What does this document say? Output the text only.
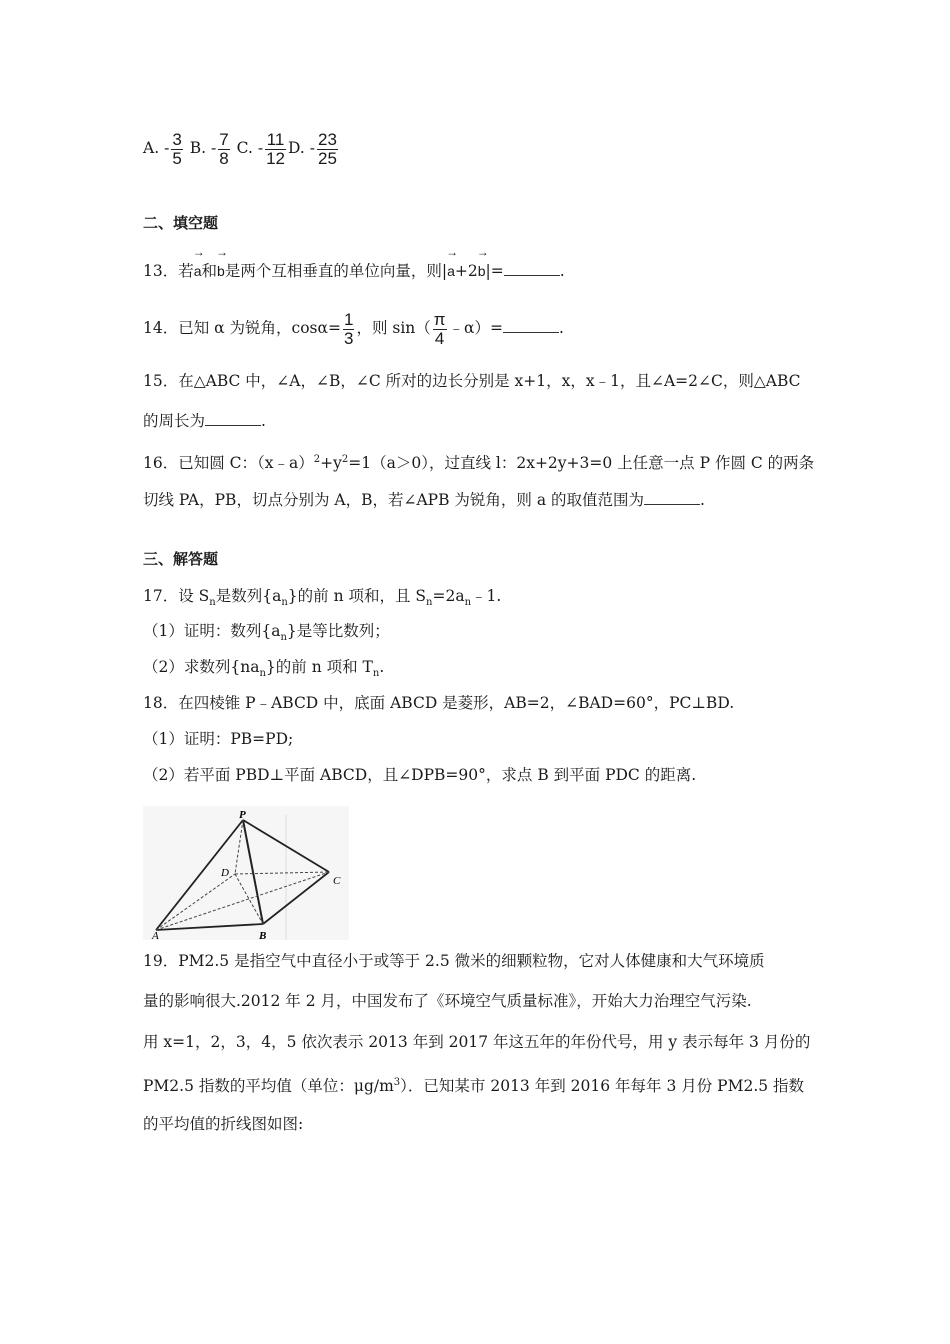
A. - $\frac{3}{5} B$. - $\frac{7}{8} C$. - $\frac{11}{12} D$. - $\frac{23}{25}$
二、填空题
13．若→ a和→ b是两个互相垂直的单位向量，则|→ a+2→ b|=	.
14．已知 α 为锐角，$\cos\alpha= \frac{1}{3}$ ，则 $\sin( \frac{\pi}{4}$ ﹣α）=	.
15．在△ABC 中，∠A，∠B，∠C 所对的边长分别是 x+1，x，x﹣1，且∠A=2∠C，则△ABC
的周长为	.
16．已知圆 C：$(x﹣a)^2+y^2=1(a>0)$，过直线 l：2x+2y+3=0 上任意一点 P 作圆 C 的两条
切线 PA，PB，切点分别为 A，B，若∠APB 为锐角，则 a 的取值范围为	.
三、解答题
17．设 $S_n$是数列$\{a_n\}$的前 n 项和，且 $S_n=2a_n﹣1$.
（1）证明：数列$\{a_n\}$是等比数列；
（2）求数列$\{na_n\}$的前 n 项和 $T_n$.
18．在四棱锥 P﹣ABCD 中，底面 ABCD 是菱形，AB=2，∠BAD=60°，PC⊥BD.
（1）证明：PB=PD;
（2）若平面 PBD⊥平面 ABCD，且∠DPB=90°，求点 B 到平面 PDC 的距离.
P
D
C
A	B
19．PM2.5 是指空气中直径小于或等于 2.5 微米的细颗粒物，它对人体健康和大气环境质
量的影响很大.2012 年 2 月，中国发布了《环境空气质量标准》，开始大力治理空气污染.
用 x=1，2，3，4，5 依次表示 2013 年到 2017 年这五年的年份代号，用 y 表示每年 3 月份的
PM2.5 指数的平均值（单位：$\mu g/m^3$）．已知某市 2013 年到 2016 年每年 3 月份 PM2.5 指数
的平均值的折线图如图:
